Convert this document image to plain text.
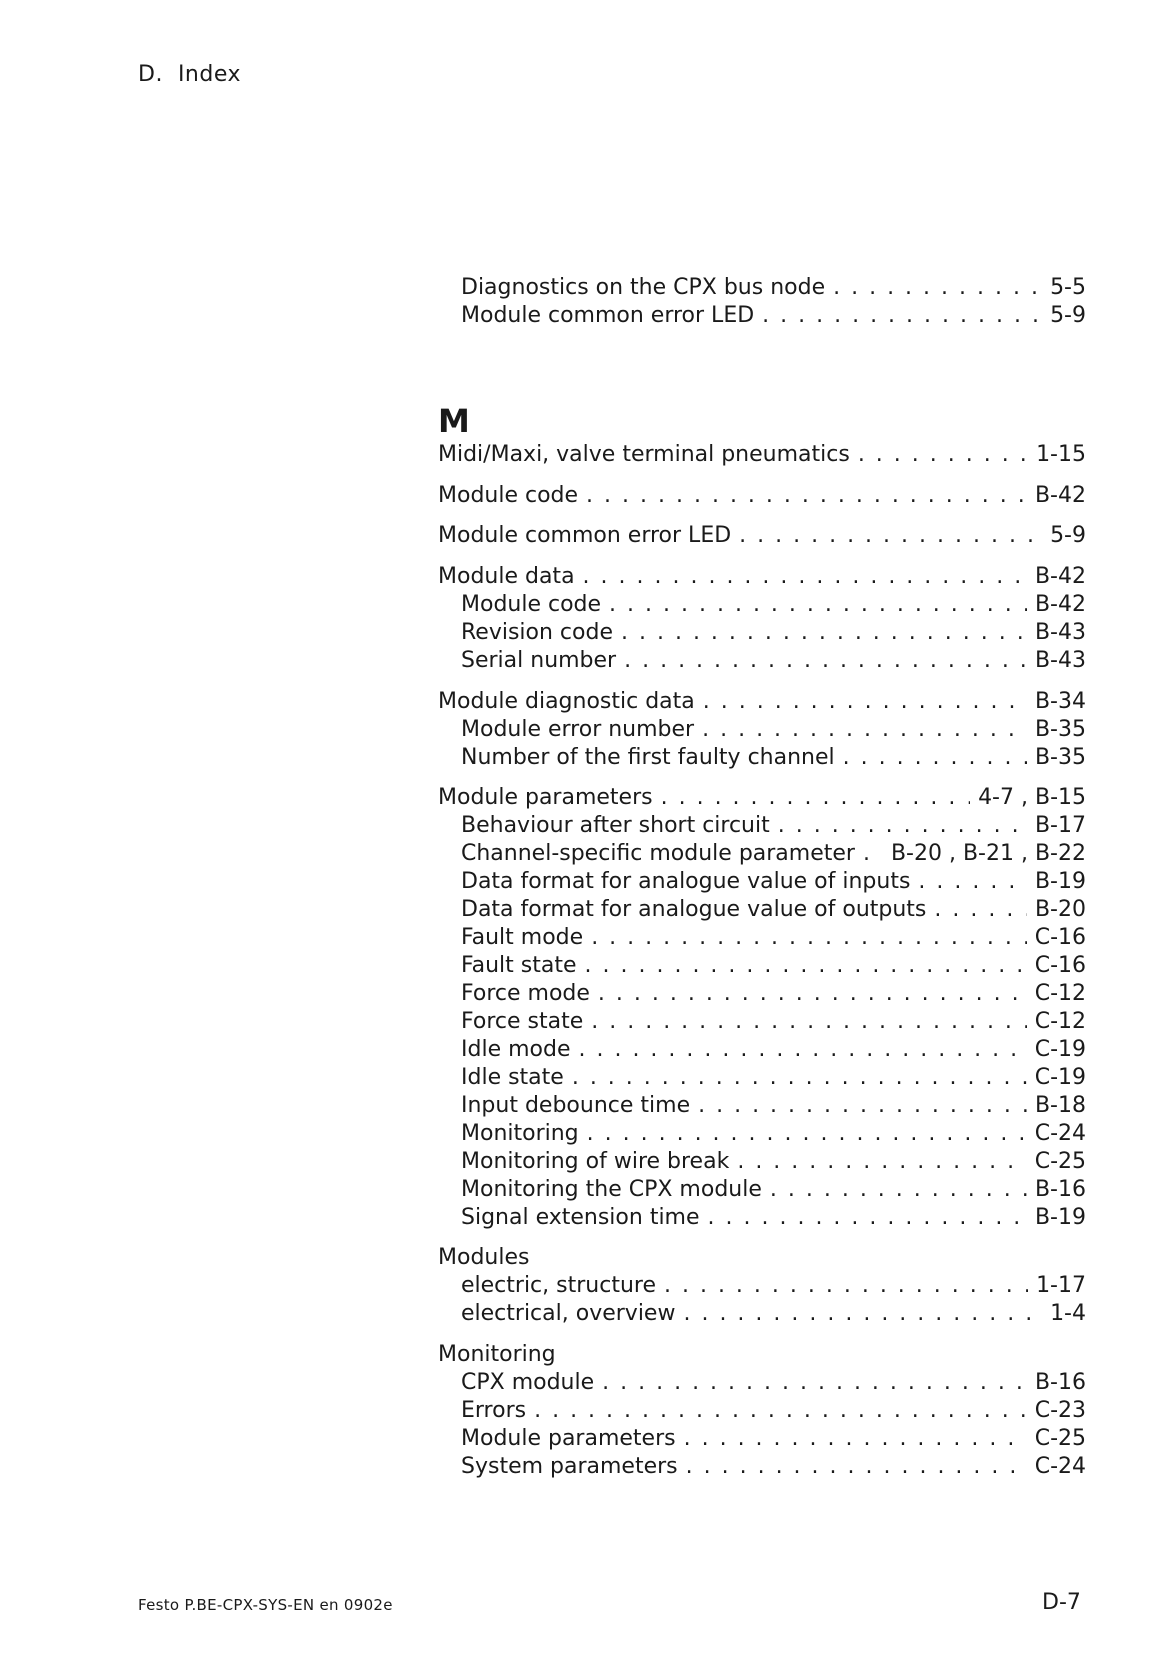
D. Index
M
Diagnostics on the CPX bus node . . .	5-5
Module common error LED . . .	5-9
Midi/Maxi, valve terminal pneumatics . . .	1-15
Module code . . .	B-42
Module common error LED . . .	5-9
Module data . . .	B-42
Module code . . .	B-42
Revision code . . .	B-43
Serial number . . .	B-43
Module diagnostic data . . .	B-34
Module error number . . .	B-35
Number of the first faulty channel . . .	B-35
Module parameters . . .	4-7 , B-15
Behaviour after short circuit . . .	B-17
Channel-specific module parameter . . .	B-20 , B-21 , B-22
Data format for analogue value of inputs . . .	B-19
Data format for analogue value of outputs . . .	B-20
Fault mode . . .	C-16
Fault state . . .	C-16
Force mode . . .	C-12
Force state . . .	C-12
Idle mode . . .	C-19
Idle state . . .	C-19
Input debounce time . . .	B-18
Monitoring . . .	C-24
Monitoring of wire break . . .	C-25
Monitoring the CPX module . . .	B-16
Signal extension time . . .	B-19
Modules
electric, structure . . .	1-17
electrical, overview . . .	1-4
Monitoring
CPX module . . .	B-16
Errors . . .	C-23
Module parameters . . .	C-25
System parameters . . .	C-24
Festo P.BE-CPX-SYS-EN en 0902e	D-7
